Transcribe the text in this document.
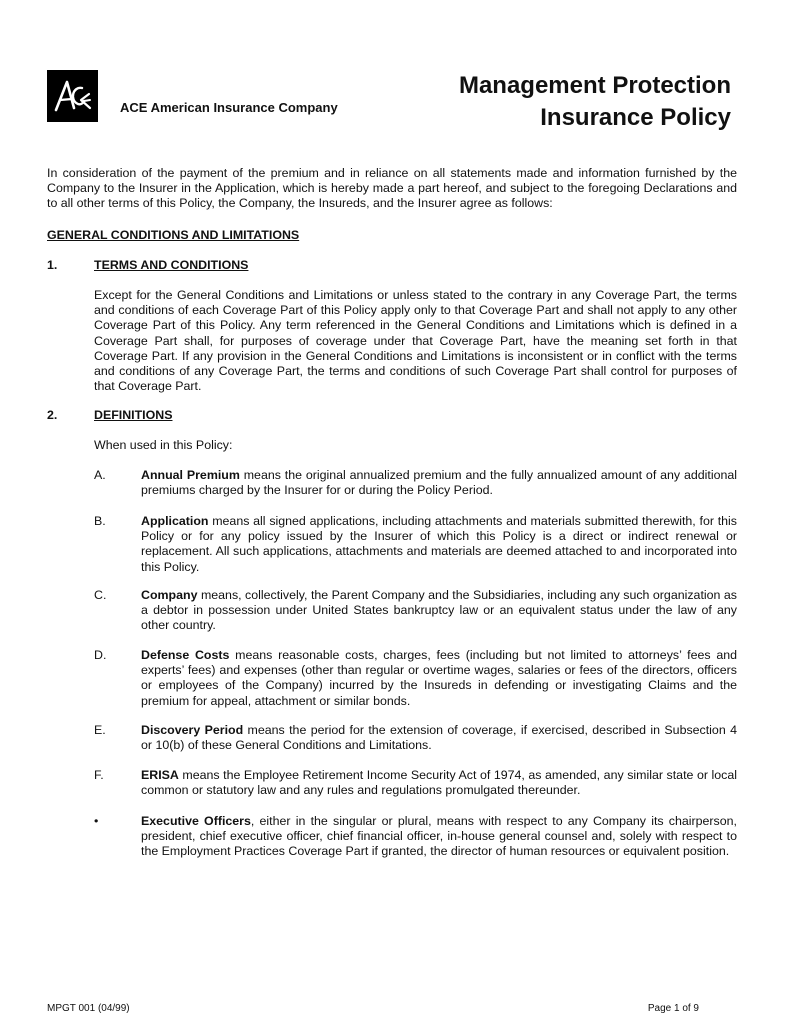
ACE American Insurance Company
Management Protection
Insurance Policy
In consideration of the payment of the premium and in reliance on all statements made and information furnished by the Company to the Insurer in the Application, which is hereby made a part hereof, and subject to the foregoing Declarations and to all other terms of this Policy, the Company, the Insureds, and the Insurer agree as follows:
GENERAL CONDITIONS AND LIMITATIONS
1.	TERMS AND CONDITIONS
Except for the General Conditions and Limitations or unless stated to the contrary in any Coverage Part, the terms and conditions of each Coverage Part of this Policy apply only to that Coverage Part and shall not apply to any other Coverage Part of this Policy. Any term referenced in the General Conditions and Limitations which is defined in a Coverage Part shall, for purposes of coverage under that Coverage Part, have the meaning set forth in that Coverage Part. If any provision in the General Conditions and Limitations is inconsistent or in conflict with the terms and conditions of any Coverage Part, the terms and conditions of such Coverage Part shall control for purposes of that Coverage Part.
2.	DEFINITIONS
When used in this Policy:
A.	Annual Premium means the original annualized premium and the fully annualized amount of any additional premiums charged by the Insurer for or during the Policy Period.
B.	Application means all signed applications, including attachments and materials submitted therewith, for this Policy or for any policy issued by the Insurer of which this Policy is a direct or indirect renewal or replacement. All such applications, attachments and materials are deemed attached to and incorporated into this Policy.
C.	Company means, collectively, the Parent Company and the Subsidiaries, including any such organization as a debtor in possession under United States bankruptcy law or an equivalent status under the law of any other country.
D.	Defense Costs means reasonable costs, charges, fees (including but not limited to attorneys’ fees and experts’ fees) and expenses (other than regular or overtime wages, salaries or fees of the directors, officers or employees of the Company) incurred by the Insureds in defending or investigating Claims and the premium for appeal, attachment or similar bonds.
E.	Discovery Period means the period for the extension of coverage, if exercised, described in Subsection 4 or 10(b) of these General Conditions and Limitations.
F.	ERISA means the Employee Retirement Income Security Act of 1974, as amended, any similar state or local common or statutory law and any rules and regulations promulgated thereunder.
•	Executive Officers, either in the singular or plural, means with respect to any Company its chairperson, president, chief executive officer, chief financial officer, in-house general counsel and, solely with respect to the Employment Practices Coverage Part if granted, the director of human resources or equivalent position.
MPGT 001 (04/99)	Page 1 of 9
